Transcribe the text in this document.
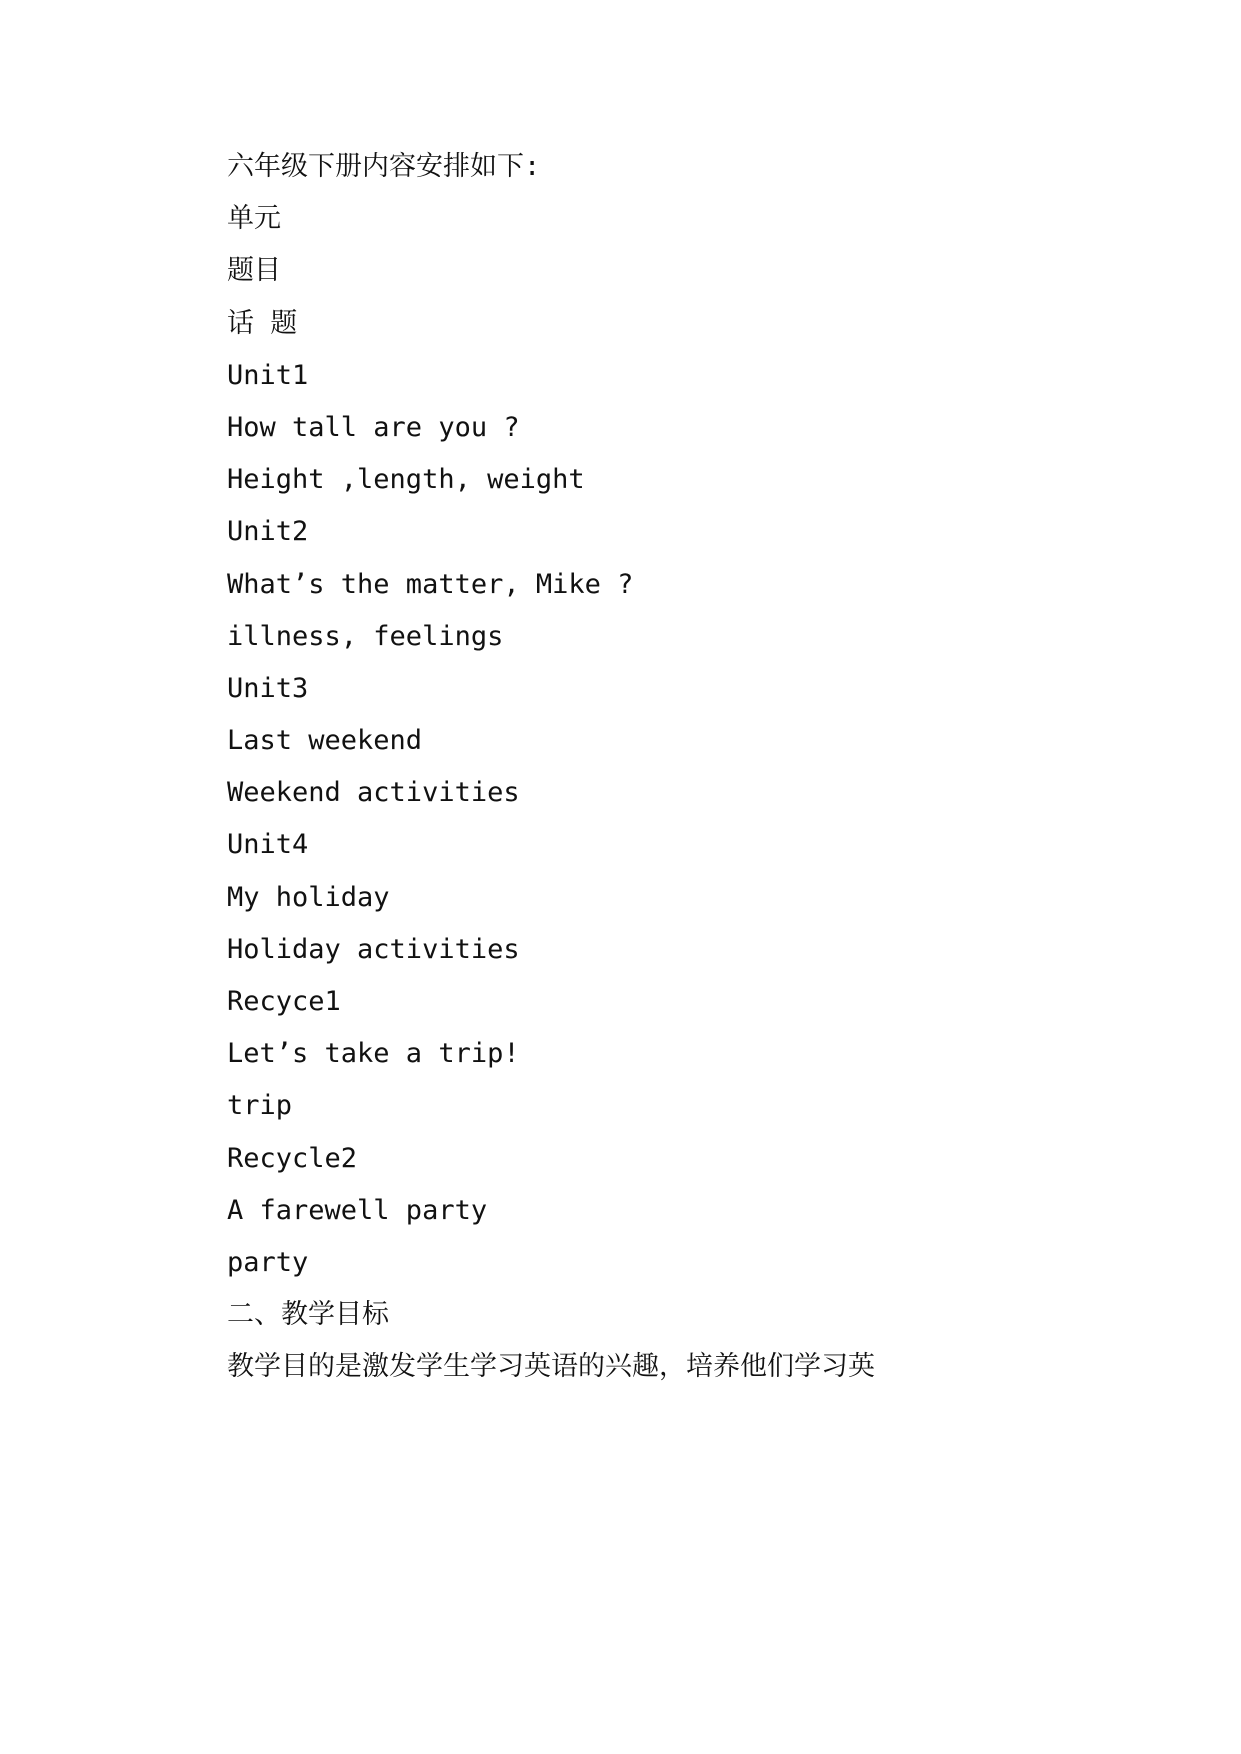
六年级下册内容安排如下:
单元
题目
话 题
Unit1
How tall are you ?
Height ,length, weight
Unit2
What’s the matter, Mike ?
illness, feelings
Unit3
Last weekend
Weekend activities
Unit4
My holiday
Holiday activities
Recyce1
Let’s take a trip!
trip
Recycle2
A farewell party
party
二、教学目标
教学目的是激发学生学习英语的兴趣，培养他们学习英
